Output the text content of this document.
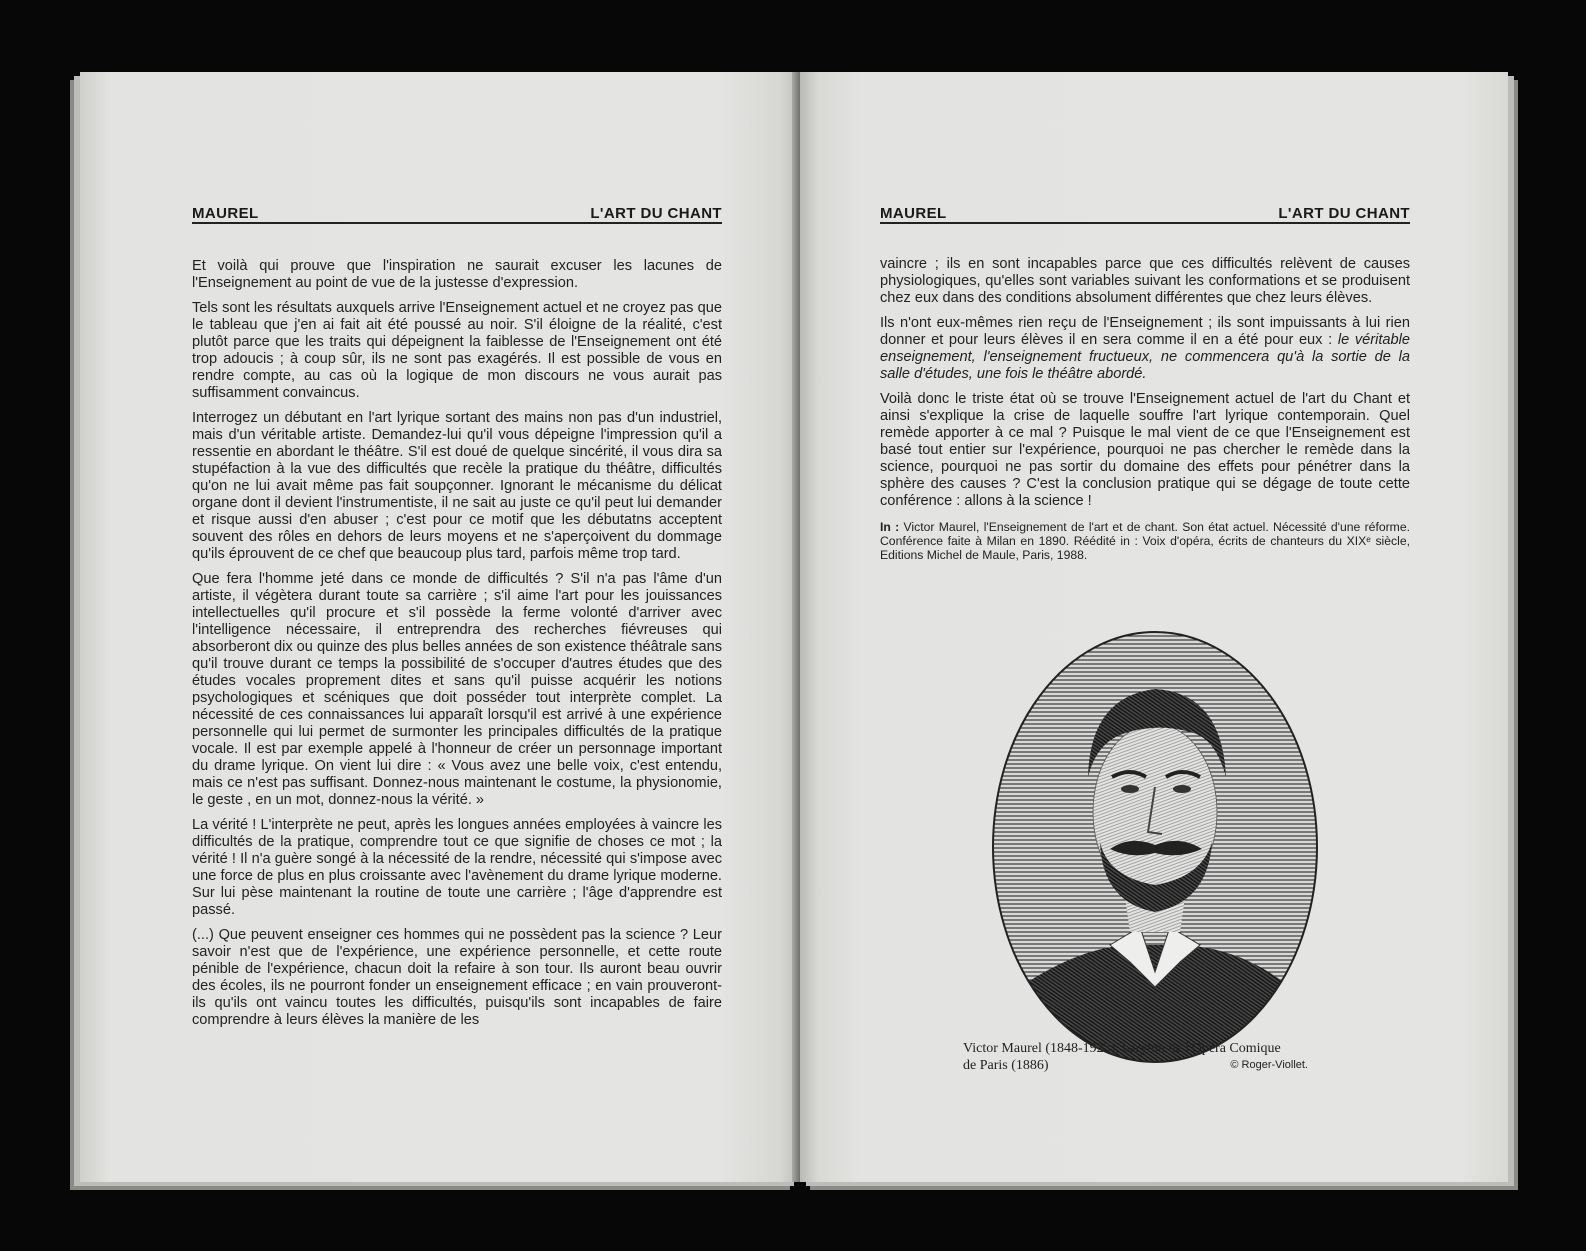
MAUREL	L'ART DU CHANT

Et voilà qui prouve que l'inspiration ne saurait excuser les lacunes de l'Enseignement au point de vue de la justesse d'expression.

Tels sont les résultats auxquels arrive l'Enseignement actuel et ne croyez pas que le tableau que j'en ai fait ait été poussé au noir. S'il éloigne de la réalité, c'est plutôt parce que les traits qui dépeignent la faiblesse de l'Enseignement ont été trop adoucis ; à coup sûr, ils ne sont pas exagérés. Il est possible de vous en rendre compte, au cas où la logique de mon discours ne vous aurait pas suffisamment convaincus.

Interrogez un débutant en l'art lyrique sortant des mains non pas d'un industriel, mais d'un véritable artiste. Demandez-lui qu'il vous dépeigne l'impression qu'il a ressentie en abordant le théâtre. S'il est doué de quelque sincérité, il vous dira sa stupéfaction à la vue des difficultés que recèle la pratique du théâtre, difficultés qu'on ne lui avait même pas fait soupçonner. Ignorant le mécanisme du délicat organe dont il devient l'instrumentiste, il ne sait au juste ce qu'il peut lui demander et risque aussi d'en abuser ; c'est pour ce motif que les débutatns acceptent souvent des rôles en dehors de leurs moyens et ne s'aperçoivent du dommage qu'ils éprouvent de ce chef que beaucoup plus tard, parfois même trop tard.

Que fera l'homme jeté dans ce monde de difficultés ? S'il n'a pas l'âme d'un artiste, il végètera durant toute sa carrière ; s'il aime l'art pour les jouissances intellectuelles qu'il procure et s'il possède la ferme volonté d'arriver avec l'intelligence nécessaire, il entreprendra des recherches fiévreuses qui absorberont dix ou quinze des plus belles années de son existence théâtrale sans qu'il trouve durant ce temps la possibilité de s'occuper d'autres études que des études vocales proprement dites et sans qu'il puisse acquérir les notions psychologiques et scéniques que doit posséder tout interprète complet. La nécessité de ces connaissances lui apparaît lorsqu'il est arrivé à une expérience personnelle qui lui permet de surmonter les principales difficultés de la pratique vocale. Il est par exemple appelé à l'honneur de créer un personnage important du drame lyrique. On vient lui dire : « Vous avez une belle voix, c'est entendu, mais ce n'est pas suffisant. Donnez-nous maintenant le costume, la physionomie, le geste , en un mot, donnez-nous la vérité. »

La vérité ! L'interprète ne peut, après les longues années employées à vaincre les difficultés de la pratique, comprendre tout ce que signifie de choses ce mot ; la vérité ! Il n'a guère songé à la nécessité de la rendre, nécessité qui s'impose avec une force de plus en plus croissante avec l'avènement du drame lyrique moderne. Sur lui pèse maintenant la routine de toute une carrière ; l'âge d'apprendre est passé.

(...) Que peuvent enseigner ces hommes qui ne possèdent pas la science ? Leur savoir n'est que de l'expérience, une expérience personnelle, et cette route pénible de l'expérience, chacun doit la refaire à son tour. Ils auront beau ouvrir des écoles, ils ne pourront fonder un enseignement efficace ; en vain prouveront-ils qu'ils ont vaincu toutes les difficultés, puisqu'ils sont incapables de faire comprendre à leurs élèves la manière de les

MAUREL	L'ART DU CHANT

vaincre ; ils en sont incapables parce que ces difficultés relèvent de causes physiologiques, qu'elles sont variables suivant les conformations et se produisent chez eux dans des conditions absolument différentes que chez leurs élèves.

Ils n'ont eux-mêmes rien reçu de l'Enseignement ; ils sont impuissants à lui rien donner et pour leurs élèves il en sera comme il en a été pour eux : le véritable enseignement, l'enseignement fructueux, ne commencera qu'à la sortie de la salle d'études, une fois le théâtre abordé.

Voilà donc le triste état où se trouve l'Enseignement actuel de l'art du Chant et ainsi s'explique la crise de laquelle souffre l'art lyrique contemporain. Quel remède apporter à ce mal ? Puisque le mal vient de ce que l'Enseignement est basé tout entier sur l'expérience, pourquoi ne pas chercher le remède dans la science, pourquoi ne pas sortir du domaine des effets pour pénétrer dans la sphère des causes ? C'est la conclusion pratique qui se dégage de toute cette conférence : allons à la science !

In : Victor Maurel, l'Enseignement de l'art et de chant. Son état actuel. Nécessité d'une réforme. Conférence faite à Milan en 1890. Réédité in : Voix d'opéra, écrits de chanteurs du XIXᵉ siècle, Editions Michel de Maule, Paris, 1988.
Victor Maurel (1848-1923), baryton de l'Opéra Comique
de Paris (1886)	© Roger-Viollet.
